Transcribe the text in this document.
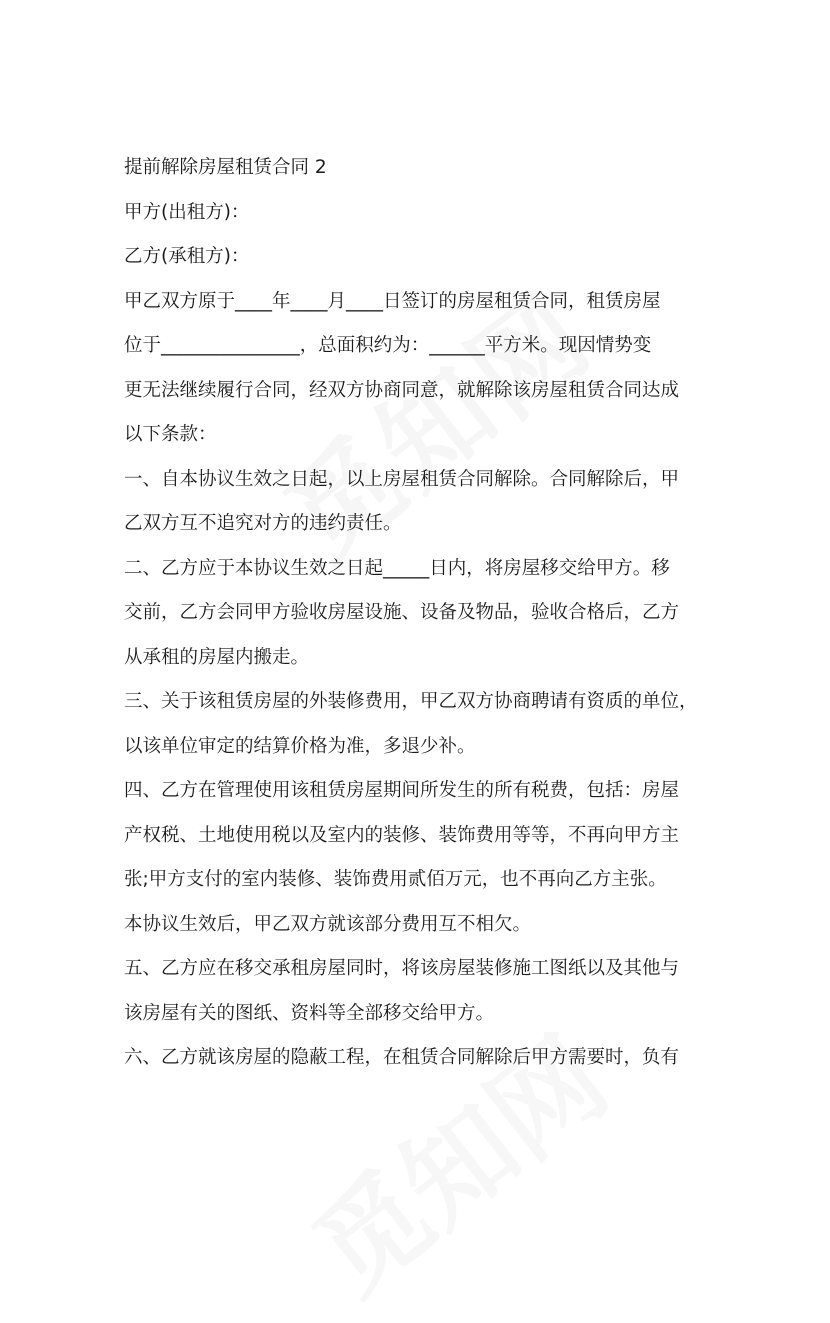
提前解除房屋租赁合同 2

甲方(出租方)：

乙方(承租方)：

甲乙双方原于____年____月____日签订的房屋租赁合同，租赁房屋

位于_______________，总面积约为：______平方米。现因情势变

更无法继续履行合同，经双方协商同意，就解除该房屋租赁合同达成

以下条款：

一、自本协议生效之日起，以上房屋租赁合同解除。合同解除后，甲

乙双方互不追究对方的违约责任。

二、乙方应于本协议生效之日起_____日内，将房屋移交给甲方。移

交前，乙方会同甲方验收房屋设施、设备及物品，验收合格后，乙方

从承租的房屋内搬走。

三、关于该租赁房屋的外装修费用，甲乙双方协商聘请有资质的单位，

以该单位审定的结算价格为准，多退少补。

四、乙方在管理使用该租赁房屋期间所发生的所有税费，包括：房屋

产权税、土地使用税以及室内的装修、装饰费用等等，不再向甲方主

张;甲方支付的室内装修、装饰费用贰佰万元，也不再向乙方主张。

本协议生效后，甲乙双方就该部分费用互不相欠。

五、乙方应在移交承租房屋同时，将该房屋装修施工图纸以及其他与

该房屋有关的图纸、资料等全部移交给甲方。

六、乙方就该房屋的隐蔽工程，在租赁合同解除后甲方需要时，负有
